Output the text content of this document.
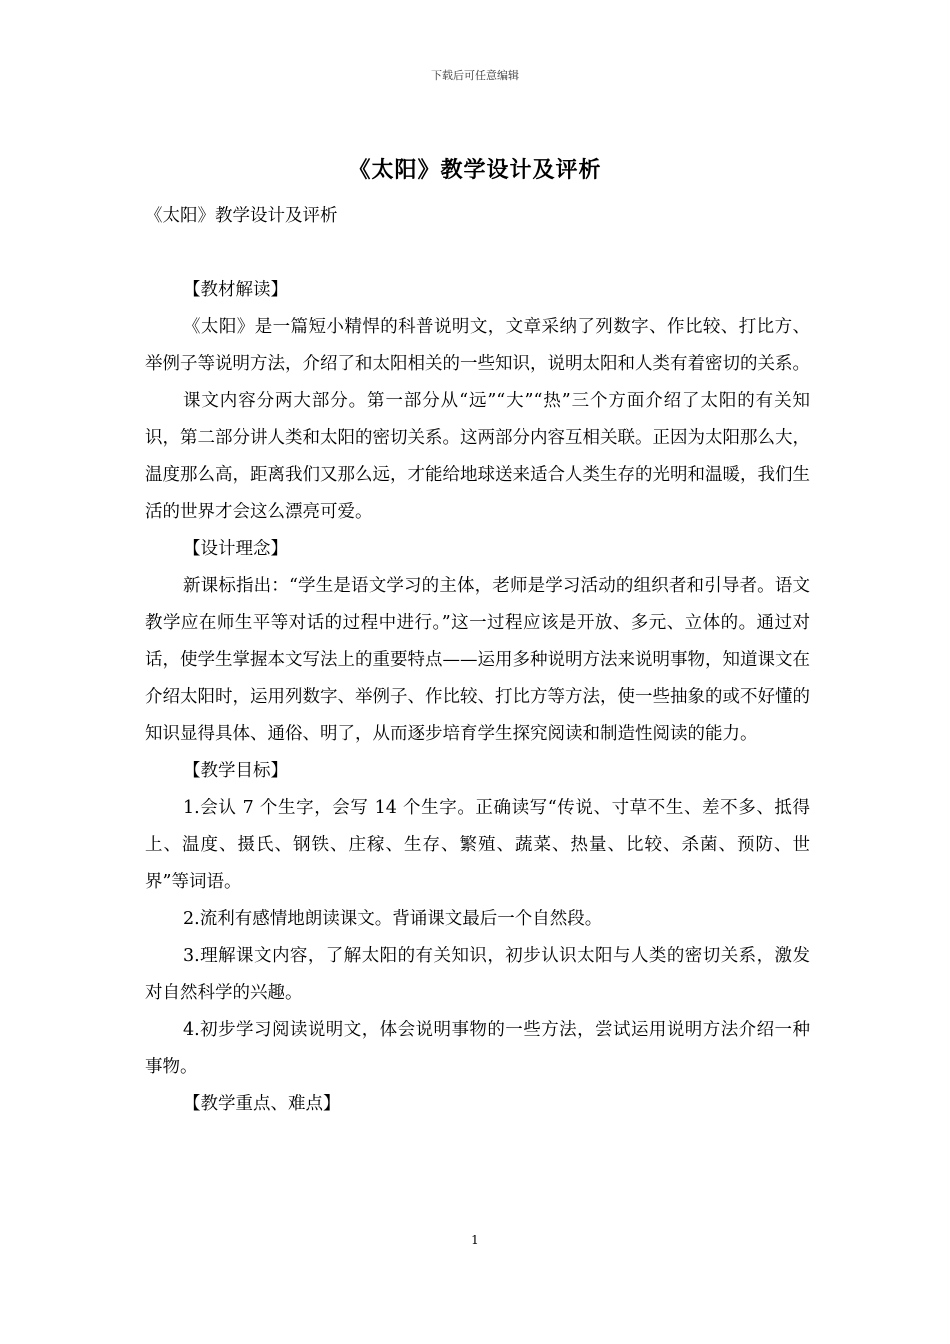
下载后可任意编辑
《太阳》教学设计及评析

《太阳》教学设计及评析

【教材解读】

《太阳》是一篇短小精悍的科普说明文，文章采纳了列数字、作比较、打比方、举例子等说明方法，介绍了和太阳相关的一些知识，说明太阳和人类有着密切的关系。

课文内容分两大部分。第一部分从“远”“大”“热”三个方面介绍了太阳的有关知识，第二部分讲人类和太阳的密切关系。这两部分内容互相关联。正因为太阳那么大，温度那么高，距离我们又那么远，才能给地球送来适合人类生存的光明和温暖，我们生活的世界才会这么漂亮可爱。

【设计理念】

新课标指出：“学生是语文学习的主体，老师是学习活动的组织者和引导者。语文教学应在师生平等对话的过程中进行。”这一过程应该是开放、多元、立体的。通过对话，使学生掌握本文写法上的重要特点——运用多种说明方法来说明事物，知道课文在介绍太阳时，运用列数字、举例子、作比较、打比方等方法，使一些抽象的或不好懂的知识显得具体、通俗、明了，从而逐步培育学生探究阅读和制造性阅读的能力。

【教学目标】

1.会认 7 个生字，会写 14 个生字。正确读写“传说、寸草不生、差不多、抵得上、温度、摄氏、钢铁、庄稼、生存、繁殖、蔬菜、热量、比较、杀菌、预防、世界”等词语。

2.流利有感情地朗读课文。背诵课文最后一个自然段。

3.理解课文内容，了解太阳的有关知识，初步认识太阳与人类的密切关系，激发对自然科学的兴趣。

4.初步学习阅读说明文，体会说明事物的一些方法，尝试运用说明方法介绍一种事物。

【教学重点、难点】

1
